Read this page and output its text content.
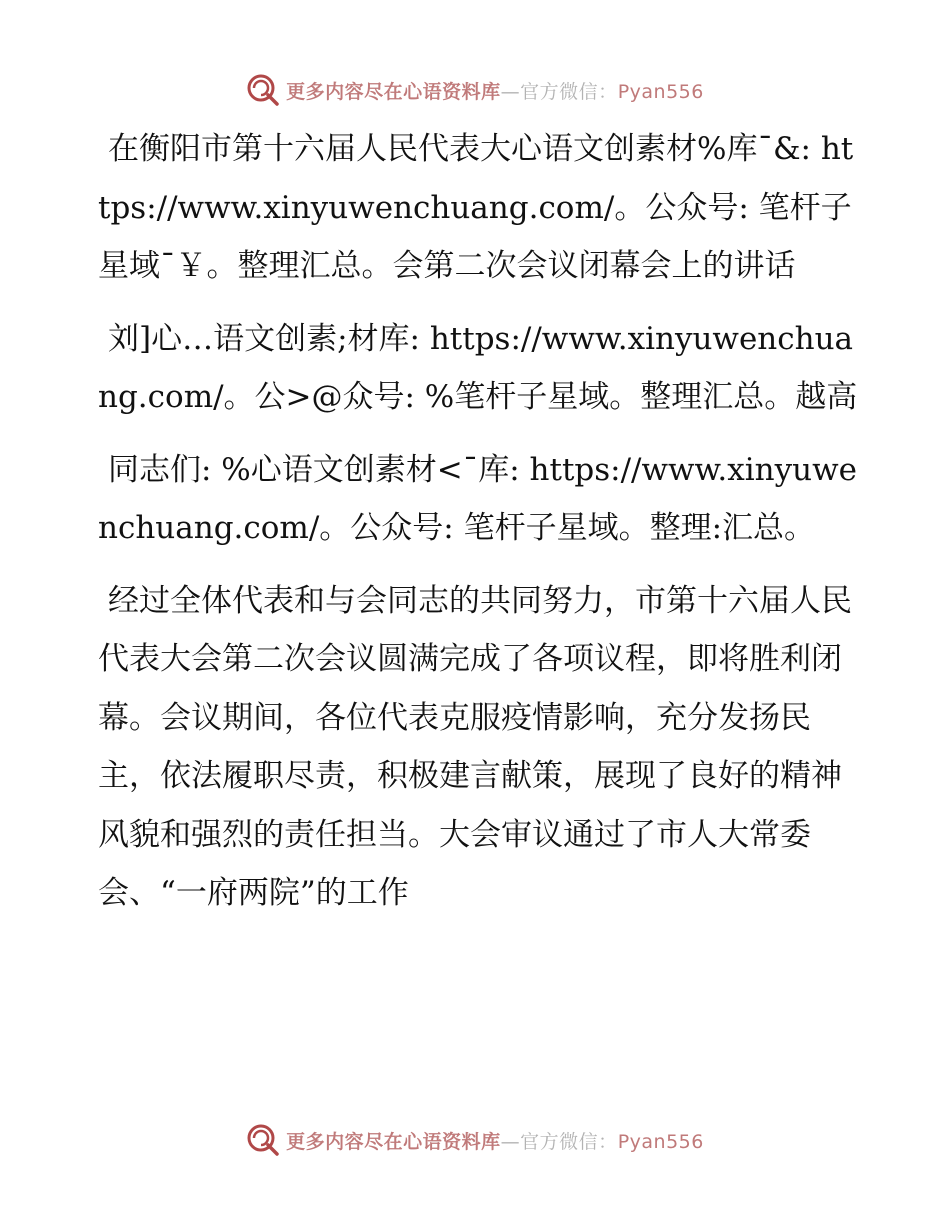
更多内容尽在心语资料库—官方微信：Pyan556

在衡阳市第十六届人民代表大心语文创素材%库¯&: https://www.xinyuwenchuang.com/。公众号: 笔杆子星域¯￥。整理汇总。会第二次会议闭幕会上的讲话

刘]心…语文创素;材库: https://www.xinyuwenchuang.com/。公>@众号: %笔杆子星域。整理汇总。越高

同志们: %心语文创素材<¯库: https://www.xinyuwenchuang.com/。公众号: 笔杆子星域。整理:汇总。

经过全体代表和与会同志的共同努力，市第十六届人民代表大会第二次会议圆满完成了各项议程，即将胜利闭幕。会议期间，各位代表克服疫情影响，充分发扬民主，依法履职尽责，积极建言献策，展现了良好的精神风貌和强烈的责任担当。大会审议通过了市人大常委会、“一府两院”的工作

更多内容尽在心语资料库—官方微信：Pyan556
